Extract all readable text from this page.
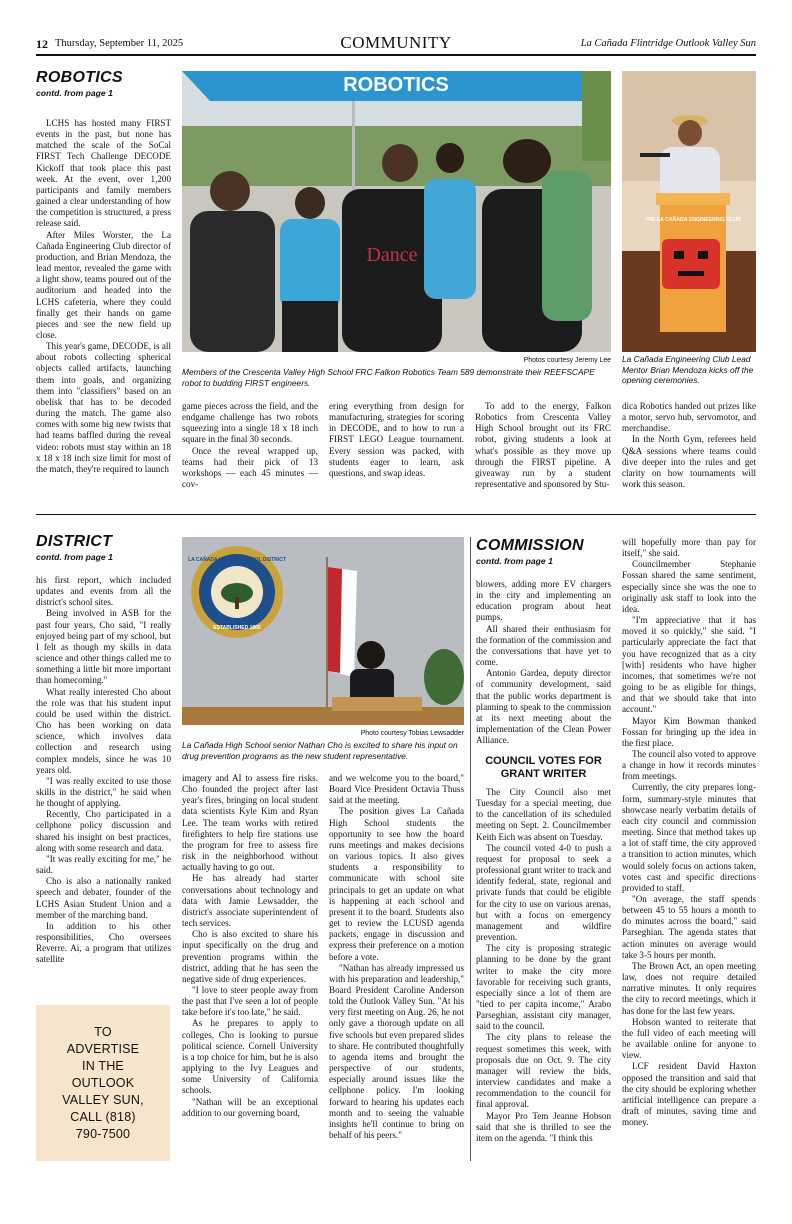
12 Thursday, September 11, 2025	COMMUNITY	La Cañada Flintridge Outlook Valley Sun
ROBOTICS
contd. from page 1	ROBOTICS
Dance
THE LA CAÑADA ENGINEERING CLUB
Photos courtesy Jeremy Lee
Members of the Crescenta Valley High School FRC Falkon Robotics Team 589 demonstrate their REEFSCAPE robot to budding FIRST engineers.
La Cañada Engineering Club Lead Mentor Brian Mendoza kicks off the opening ceremonies.

LCHS has hosted many FIRST events in the past, but none has matched the scale of the SoCal FIRST Tech Challenge DECODE Kickoff that took place this past week. At the event, over 1,200 participants and family members gained a clear understanding of how the competition is structured, a press release said.

After Miles Worster, the La Cañada Engineering Club director of production, and Brian Mendoza, the lead mentor, revealed the game with a light show, teams poured out of the auditorium and headed into the LCHS cafeteria, where they could finally get their hands on game pieces and see the new field up close.

This year's game, DECODE, is all about robots collecting spherical objects called artifacts, launching them into goals, and organizing them into "classifiers" based on an obelisk that has to be decoded during the match. The game also comes with some big new twists that had teams baffled during the reveal video: robots must stay within an 18 x 18 x 18 inch size limit for most of the match, they're required to launch

game pieces across the field, and the endgame challenge has two robots squeezing into a single 18 x 18 inch square in the final 30 seconds.

Once the reveal wrapped up, teams had their pick of 13 workshops — each 45 minutes — cov-

ering everything from design for manufacturing, strategies for scoring in DECODE, and to how to run a FIRST LEGO League tournament. Every session was packed, with students eager to learn, ask questions, and swap ideas.

To add to the energy, Falkon Robotics from Crescenta Valley High School brought out its FRC robot, giving students a look at what's possible as they move up through the FIRST pipeline. A giveaway run by a student representative and sponsored by Stu-

dica Robotics handed out prizes like a motor, servo hub, servomotor, and merchandise.

In the North Gym, referees held Q&A sessions where teams could dive deeper into the rules and get clarity on how tournaments will work this season.

DISTRICT
contd. from page 1	LA CAÑADA UNIFIED SCHOOL DISTRICT
ESTABLISHED 1865
Photo courtesy Tobias Lewsadder
La Cañada High School senior Nathan Cho is excited to share his input on drug prevention programs as the new student representative.

his first report, which included updates and events from all the district's school sites.

Being involved in ASB for the past four years, Cho said, "I really enjoyed being part of my school, but I felt as though my skills in data science and other things called me to something a little bit more important than homecoming."

What really interested Cho about the role was that his student input could be used within the district. Cho has been working on data science, which involves data collection and research using complex models, since he was 10 years old.

"I was really excited to use those skills in the district," he said when he thought of applying.

Recently, Cho participated in a cellphone policy discussion and shared his insight on best practices, along with some research and data.

"It was really exciting for me," he said.

Cho is also a nationally ranked speech and debater, founder of the LCHS Asian Student Union and a member of the marching band.

In addition to his other responsibilities, Cho oversees Reverre. Ai, a program that utilizes satellite

imagery and AI to assess fire risks. Cho founded the project after last year's fires, bringing on local student data scientists Kyle Kim and Ryan Lee. The team works with retired firefighters to help fire stations use the program for free to assess fire risk in the neighborhood without actually having to go out.

He has already had starter conversations about technology and data with Jamie Lewsadder, the district's associate superintendent of tech services.

Cho is also excited to share his input specifically on the drug and prevention programs within the district, adding that he has seen the negative side of drug experiences.

"I love to steer people away from the past that I've seen a lot of people take before it's too late," he said.

As he prepares to apply to colleges, Cho is looking to pursue political science. Cornell University is a top choice for him, but he is also applying to the Ivy Leagues and some University of California schools.

"Nathan will be an exceptional addition to our governing board,

and we welcome you to the board," Board Vice President Octavia Thuss said at the meeting.

The position gives La Cañada High School students the opportunity to see how the board runs meetings and makes decisions on various topics. It also gives students a responsibility to communicate with school site principals to get an update on what is happening at each school and present it to the board. Students also get to review the LCUSD agenda packets, engage in discussion and express their preference on a motion before a vote.

"Nathan has already impressed us with his preparation and leadership," Board President Caroline Anderson told the Outlook Valley Sun. "At his very first meeting on Aug. 26, he not only gave a thorough update on all five schools but even prepared slides to share. He contributed thoughtfully to agenda items and brought the perspective of our students, especially around issues like the cellphone policy. I'm looking forward to hearing his updates each month and to seeing the valuable insights he'll continue to bring on behalf of his peers."

TO ADVERTISE IN THE OUTLOOK VALLEY SUN, CALL (818) 790-7500
COMMISSION
contd. from page 1

blowers, adding more EV chargers in the city and implementing an education program about heat pumps.

All shared their enthusiasm for the formation of the commission and the conversations that have yet to come.

Antonio Gardea, deputy director of community development, said that the public works department is planning to speak to the commission at its next meeting about the implementation of the Clean Power Alliance.

COUNCIL VOTES FOR GRANT WRITER

The City Council also met Tuesday for a special meeting, due to the cancellation of its scheduled meeting on Sept. 2. Councilmember Keith Eich was absent on Tuesday.

The council voted 4-0 to push a request for proposal to seek a professional grant writer to track and identify federal, state, regional and private funds that could be eligible for the city to use on various arenas, but with a focus on emergency management and wildfire prevention.

The city is proposing strategic planning to be done by the grant writer to make the city more favorable for receiving such grants, especially since a lot of them are "tied to per capita income," Arabo Parseghian, assistant city manager, said to the council.

The city plans to release the request sometimes this week, with proposals due on Oct. 9. The city manager will review the bids, interview candidates and make a recommendation to the council for final approval.

Mayor Pro Tem Jeanne Hobson said that she is thrilled to see the item on the agenda. "I think this

will hopefully more than pay for itself," she said.

Councilmember Stephanie Fossan shared the same sentiment, especially since she was the one to originally ask staff to look into the idea.

"I'm appreciative that it has moved it so quickly," she said. "I particularly appreciate the fact that you have recognized that as a city [with] residents who have higher incomes, that sometimes we're not going to be as eligible for things, and that we should take that into account."

Mayor Kim Bowman thanked Fossan for bringing up the idea in the first place.

The council also voted to approve a change in how it records minutes from meetings.

Currently, the city prepares long-form, summary-style minutes that showcase nearly verbatim details of each city council and commission meeting. Since that method takes up a lot of staff time, the city approved a transition to action minutes, which would solely focus on actions taken, votes cast and specific directions provided to staff.

"On average, the staff spends between 45 to 55 hours a month to do minutes across the board," said Parseghian. The agenda states that action minutes on average would take 3-5 hours per month.

The Brown Act, an open meeting law, does not require detailed narrative minutes. It only requires the city to record meetings, which it has done for the last few years.

Hobson wanted to reiterate that the full video of each meeting will be available online for anyone to view.

LCF resident David Haxton opposed the transition and said that the city should be exploring whether artificial intelligence can prepare a draft of minutes, saving time and money.
